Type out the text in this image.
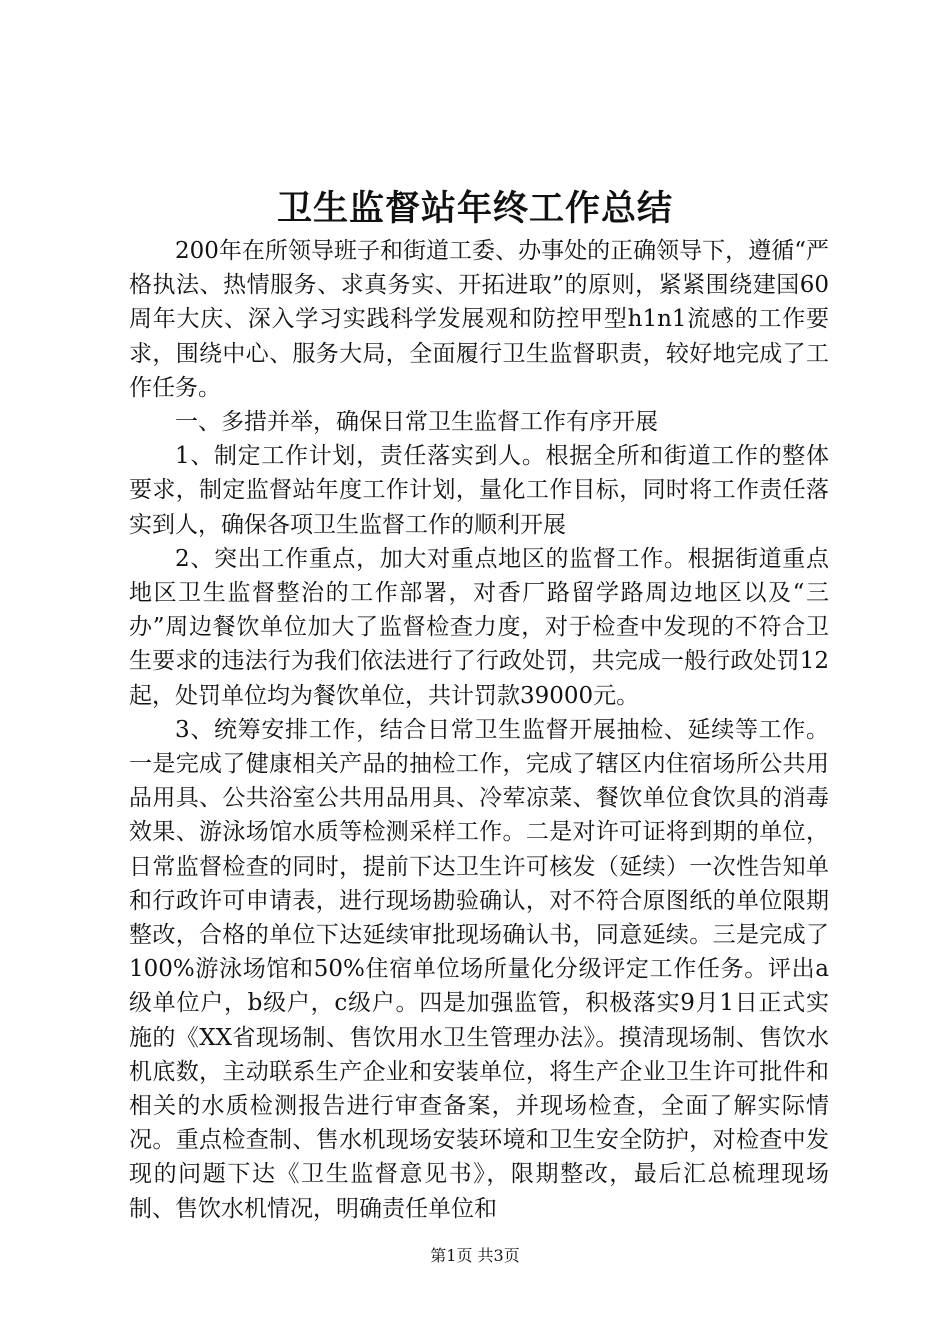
卫生监督站年终工作总结

200年在所领导班子和街道工委、办事处的正确领导下，遵循“严格执法、热情服务、求真务实、开拓进取”的原则，紧紧围绕建国60周年大庆、深入学习实践科学发展观和防控甲型h1n1流感的工作要求，围绕中心、服务大局，全面履行卫生监督职责，较好地完成了工作任务。

一、多措并举，确保日常卫生监督工作有序开展

1、制定工作计划，责任落实到人。根据全所和街道工作的整体要求，制定监督站年度工作计划，量化工作目标，同时将工作责任落实到人，确保各项卫生监督工作的顺利开展

2、突出工作重点，加大对重点地区的监督工作。根据街道重点地区卫生监督整治的工作部署，对香厂路留学路周边地区以及“三办”周边餐饮单位加大了监督检查力度，对于检查中发现的不符合卫生要求的违法行为我们依法进行了行政处罚，共完成一般行政处罚12起，处罚单位均为餐饮单位，共计罚款39000元。

3、统筹安排工作，结合日常卫生监督开展抽检、延续等工作。一是完成了健康相关产品的抽检工作，完成了辖区内住宿场所公共用品用具、公共浴室公共用品用具、冷荤凉菜、餐饮单位食饮具的消毒效果、游泳场馆水质等检测采样工作。二是对许可证将到期的单位，日常监督检查的同时，提前下达卫生许可核发（延续）一次性告知单和行政许可申请表，进行现场勘验确认，对不符合原图纸的单位限期整改，合格的单位下达延续审批现场确认书，同意延续。三是完成了100%游泳场馆和50%住宿单位场所量化分级评定工作任务。评出a级单位户，b级户，c级户。四是加强监管，积极落实9月1日正式实施的《XX省现场制、售饮用水卫生管理办法》。摸清现场制、售饮水机底数，主动联系生产企业和安装单位，将生产企业卫生许可批件和相关的水质检测报告进行审查备案，并现场检查，全面了解实际情况。重点检查制、售水机现场安装环境和卫生安全防护，对检查中发现的问题下达《卫生监督意见书》，限期整改，最后汇总梳理现场制、售饮水机情况，明确责任单位和

第1页 共3页
